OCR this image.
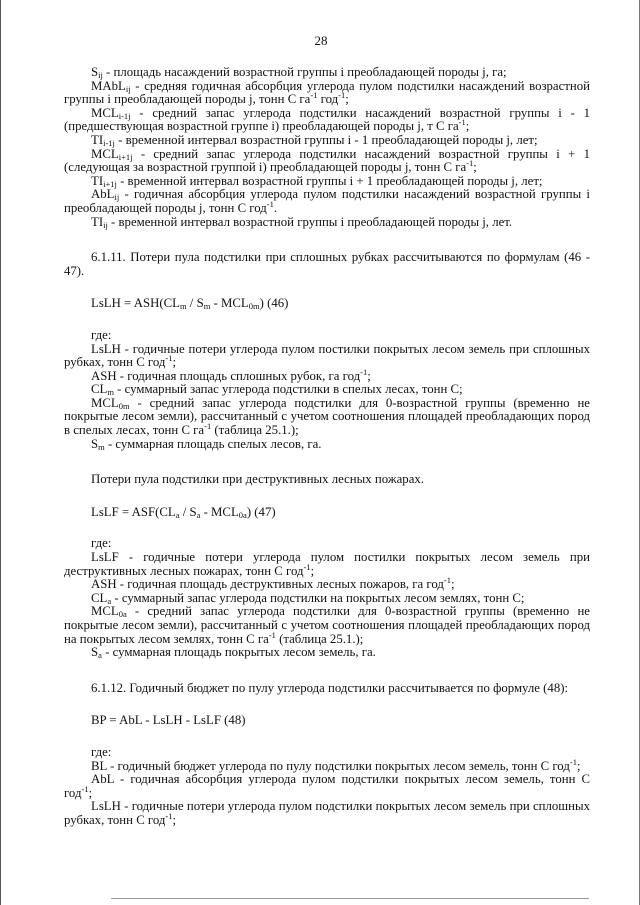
28

$S_{ij}$ - площадь насаждений возрастной группы i преобладающей породы j, га;

MAbL$_{ij}$ - средняя годичная абсорбция углерода пулом подстилки насаждений возрастной группы i преобладающей породы j, тонн С $га^{-1}$ год$^{-1}$;

$MCL_{i-1j}$ - средний запас углерода подстилки насаждений возрастной группы i - 1 (предшествующая возрастной группе i) преобладающей породы j, т С $га^{-1}$;

$TI_{i-1j}$ - временной интервал возрастной группы i - 1 преобладающей породы j, лет;

$MCL_{i+1j}$ - средний запас углерода подстилки насаждений возрастной группы i + 1 (следующая за возрастной группой i) преобладающей породы j, тонн С $га^{-1}$;

$TI_{i+1j}$ - временной интервал возрастной группы i + 1 преобладающей породы j, лет;

AbL$_{ij}$ - годичная абсорбция углерода пулом подстилки насаждений возрастной группы i преобладающей породы j, тонн С год$^{-1}$.

$TI_{ij}$ - временной интервал возрастной группы i преобладающей породы j, лет.

6.1.11. Потери пула подстилки при сплошных рубках рассчитываются по формулам (46 - 47).

LsLH = $ASH(CL_m / S_m - MCL_{0m})$ (46)

где:

LsLH - годичные потери углерода пулом постилки покрытых лесом земель при сплошных рубках, тонн С год$^{-1}$;

ASH - годичная площадь сплошных рубок, га год$^{-1}$;

$CL_m$ - суммарный запас углерода подстилки в спелых лесах, тонн С;

$MCL_{0m}$ - средний запас углерода подстилки для 0-возрастной группы (временно не покрытые лесом земли), рассчитанный с учетом соотношения площадей преобладающих пород в спелых лесах, тонн С $га^{-1}$ (таблица 25.1.);

$S_m$ - суммарная площадь спелых лесов, га.

Потери пула подстилки при деструктивных лесных пожарах.

LsLF = $ASF(CL_a / S_a - MCL_{0a})$ (47)

где:

LsLF - годичные потери углерода пулом постилки покрытых лесом земель при деструктивных лесных пожарах, тонн С год$^{-1}$;

ASH - годичная площадь деструктивных лесных пожаров, га год$^{-1}$;

$CL_a$ - суммарный запас углерода подстилки на покрытых лесом землях, тонн С;

$MCL_{0a}$ - средний запас углерода подстилки для 0-возрастной группы (временно не покрытые лесом земли), рассчитанный с учетом соотношения площадей преобладающих пород на покрытых лесом землях, тонн С $га^{-1}$ (таблица 25.1.);

$S_a$ - суммарная площадь покрытых лесом земель, га.

6.1.12. Годичный бюджет по пулу углерода подстилки рассчитывается по формуле (48):

BP = AbL - LsLH - LsLF (48)

где:

BL - годичный бюджет углерода по пулу подстилки покрытых лесом земель, тонн С год$^{-1}$;

AbL - годичная абсорбция углерода пулом подстилки покрытых лесом земель, тонн С год$^{-1}$;

LsLH - годичные потери углерода пулом подстилки покрытых лесом земель при сплошных рубках, тонн С год$^{-1}$;
